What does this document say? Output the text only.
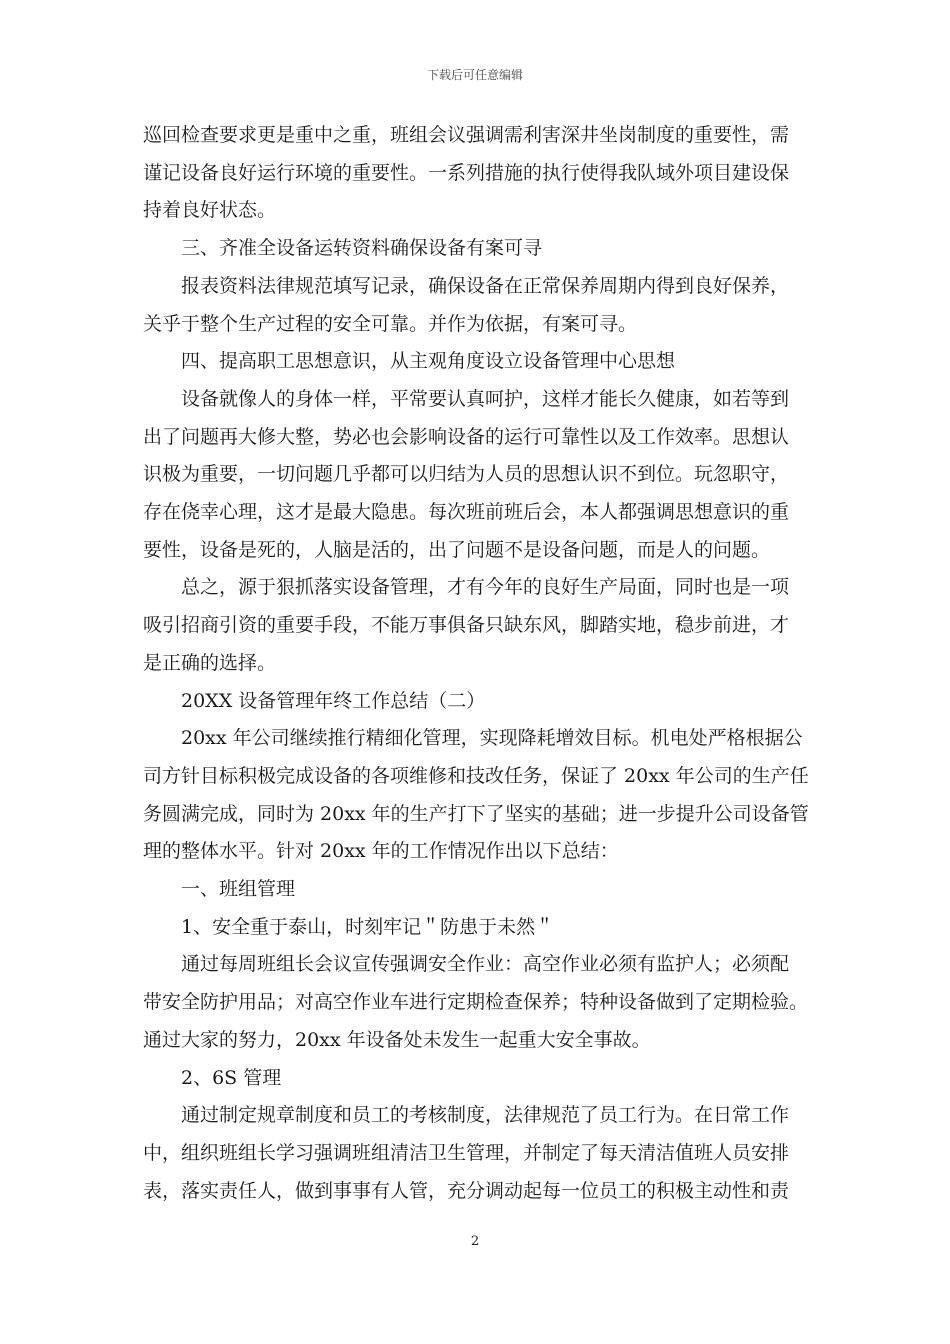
下载后可任意编辑

巡回检查要求更是重中之重，班组会议强调需利害深井坐岗制度的重要性，需

谨记设备良好运行环境的重要性。一系列措施的执行使得我队域外项目建设保

持着良好状态。

三、齐准全设备运转资料确保设备有案可寻

报表资料法律规范填写记录，确保设备在正常保养周期内得到良好保养，

关乎于整个生产过程的安全可靠。并作为依据，有案可寻。

四、提高职工思想意识，从主观角度设立设备管理中心思想

设备就像人的身体一样，平常要认真呵护，这样才能长久健康，如若等到

出了问题再大修大整，势必也会影响设备的运行可靠性以及工作效率。思想认

识极为重要，一切问题几乎都可以归结为人员的思想认识不到位。玩忽职守，

存在侥幸心理，这才是最大隐患。每次班前班后会，本人都强调思想意识的重

要性，设备是死的，人脑是活的，出了问题不是设备问题，而是人的问题。

总之，源于狠抓落实设备管理，才有今年的良好生产局面，同时也是一项

吸引招商引资的重要手段，不能万事俱备只缺东风，脚踏实地，稳步前进，才

是正确的选择。

20XX 设备管理年终工作总结（二）

20xx 年公司继续推行精细化管理，实现降耗增效目标。机电处严格根据公

司方针目标积极完成设备的各项维修和技改任务，保证了 20xx 年公司的生产任

务圆满完成，同时为 20xx 年的生产打下了坚实的基础；进一步提升公司设备管

理的整体水平。针对 20xx 年的工作情况作出以下总结：

一、班组管理

1、安全重于泰山，时刻牢记＂防患于未然＂

通过每周班组长会议宣传强调安全作业：高空作业必须有监护人；必须配

带安全防护用品；对高空作业车进行定期检查保养；特种设备做到了定期检验。

通过大家的努力，20xx 年设备处未发生一起重大安全事故。

2、6S 管理

通过制定规章制度和员工的考核制度，法律规范了员工行为。在日常工作

中，组织班组长学习强调班组清洁卫生管理，并制定了每天清洁值班人员安排

表，落实责任人，做到事事有人管，充分调动起每一位员工的积极主动性和责

2
